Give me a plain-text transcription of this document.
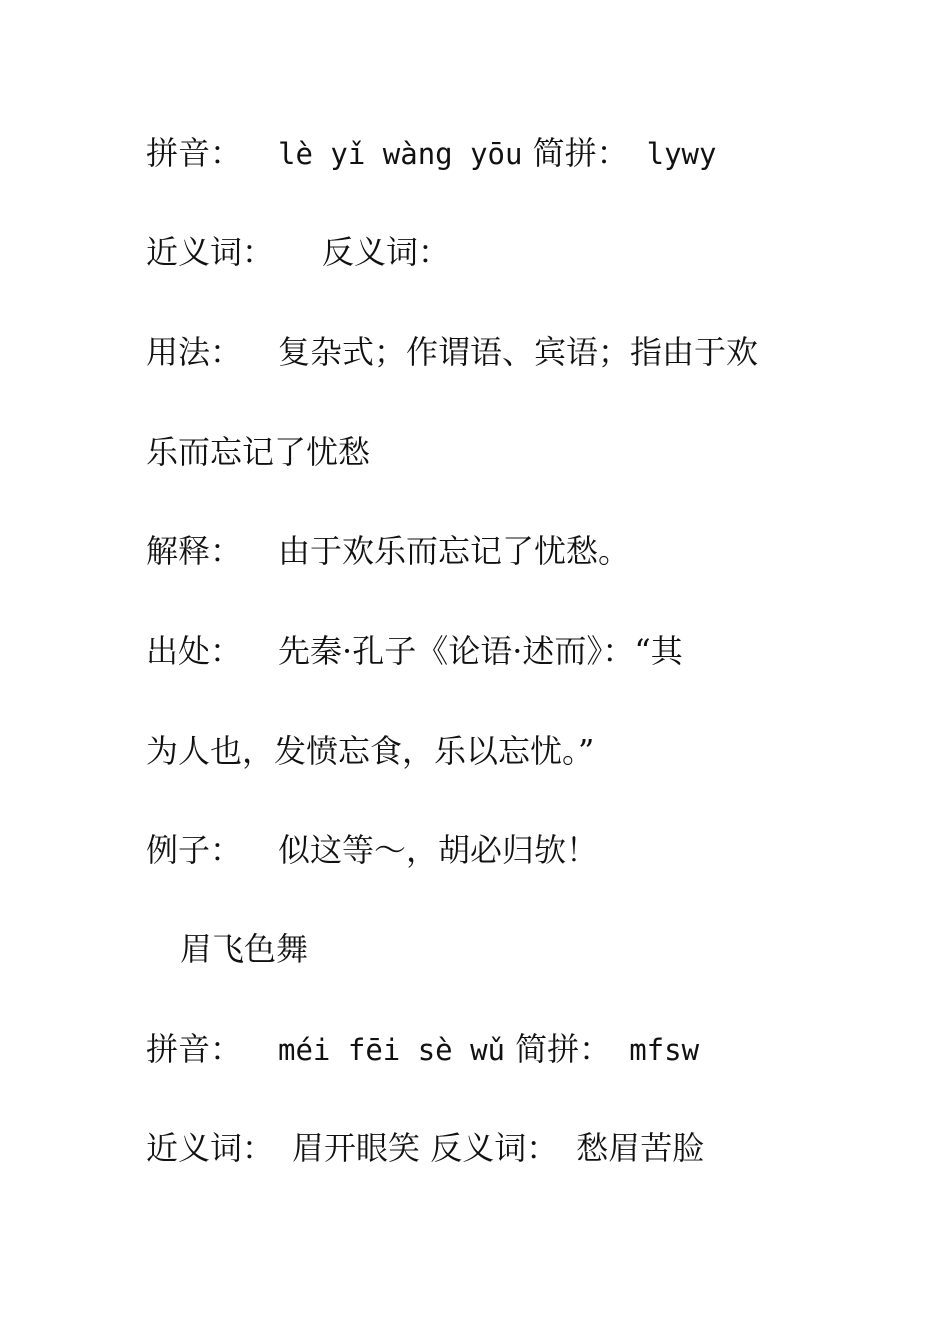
拼音： lè yǐ wàng yōu 简拼： lywy
近义词： 反义词：
用法： 复杂式；作谓语、宾语；指由于欢
乐而忘记了忧愁
解释： 由于欢乐而忘记了忧愁。
出处： 先秦·孔子《论语·述而》：“其
为人也，发愤忘食，乐以忘忧。”
例子： 似这等～，胡必归欤！
眉飞色舞
拼音： méi fēi sè wǔ 简拼： mfsw
近义词： 眉开眼笑 反义词： 愁眉苦脸
